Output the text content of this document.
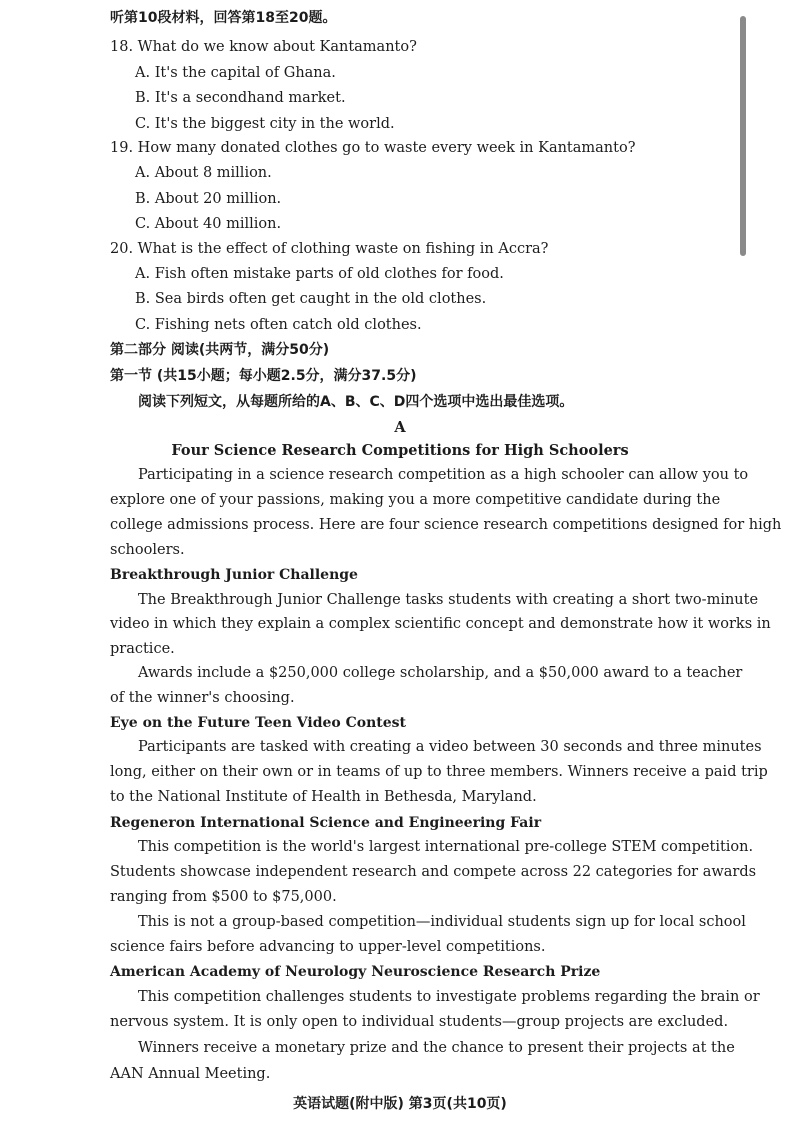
听第10段材料，回答第18至20题。
18. What do we know about Kantamanto?
A. It's the capital of Ghana.
B. It's a secondhand market.
C. It's the biggest city in the world.
19. How many donated clothes go to waste every week in Kantamanto?
A. About 8 million.
B. About 20 million.
C. About 40 million.
20. What is the effect of clothing waste on fishing in Accra?
A. Fish often mistake parts of old clothes for food.
B. Sea birds often get caught in the old clothes.
C. Fishing nets often catch old clothes.
第二部分 阅读(共两节，满分50分)
第一节 (共15小题；每小题2.5分，满分37.5分)
阅读下列短文，从每题所给的A、B、C、D四个选项中选出最佳选项。
A
Four Science Research Competitions for High Schoolers
Participating in a science research competition as a high schooler can allow you to
explore one of your passions, making you a more competitive candidate during the
college admissions process. Here are four science research competitions designed for high
schoolers.
Breakthrough Junior Challenge
The Breakthrough Junior Challenge tasks students with creating a short two-minute
video in which they explain a complex scientific concept and demonstrate how it works in
practice.
Awards include a $250,000 college scholarship, and a $50,000 award to a teacher
of the winner's choosing.
Eye on the Future Teen Video Contest
Participants are tasked with creating a video between 30 seconds and three minutes
long, either on their own or in teams of up to three members. Winners receive a paid trip
to the National Institute of Health in Bethesda, Maryland.
Regeneron International Science and Engineering Fair
This competition is the world's largest international pre-college STEM competition.
Students showcase independent research and compete across 22 categories for awards
ranging from $500 to $75,000.
This is not a group-based competition—individual students sign up for local school
science fairs before advancing to upper-level competitions.
American Academy of Neurology Neuroscience Research Prize
This competition challenges students to investigate problems regarding the brain or
nervous system. It is only open to individual students—group projects are excluded.
Winners receive a monetary prize and the chance to present their projects at the
AAN Annual Meeting.
英语试题(附中版) 第3页(共10页)
